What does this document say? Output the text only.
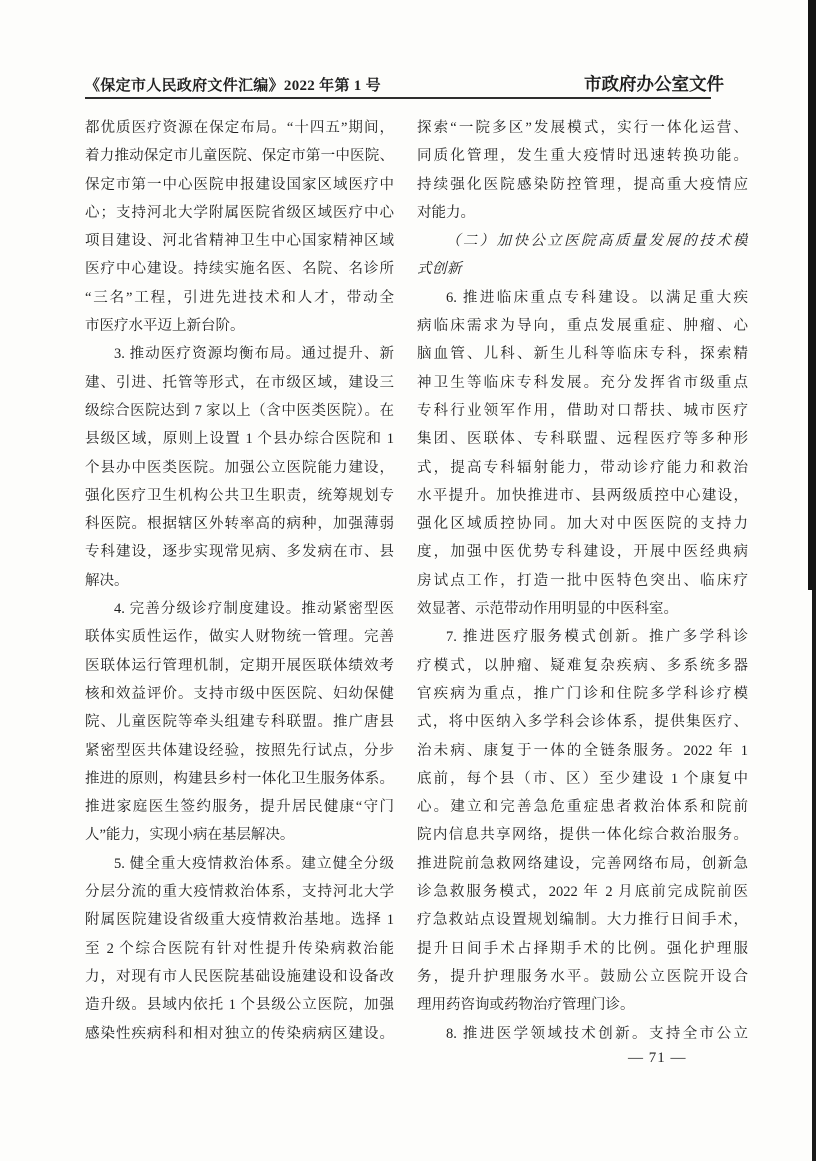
《保定市人民政府文件汇编》2022 年第 1 号	市政府办公室文件
都优质医疗资源在保定布局。“十四五”期间，
着力推动保定市儿童医院、保定市第一中医院、
保定市第一中心医院申报建设国家区域医疗中
心；支持河北大学附属医院省级区域医疗中心
项目建设、河北省精神卫生中心国家精神区域
医疗中心建设。持续实施名医、名院、名诊所
“三名”工程，引进先进技术和人才，带动全
市医疗水平迈上新台阶。
3. 推动医疗资源均衡布局。通过提升、新
建、引进、托管等形式，在市级区域，建设三
级综合医院达到 7 家以上（含中医类医院）。在
县级区域，原则上设置 1 个县办综合医院和 1
个县办中医类医院。加强公立医院能力建设，
强化医疗卫生机构公共卫生职责，统筹规划专
科医院。根据辖区外转率高的病种，加强薄弱
专科建设，逐步实现常见病、多发病在市、县
解决。
4. 完善分级诊疗制度建设。推动紧密型医
联体实质性运作，做实人财物统一管理。完善
医联体运行管理机制，定期开展医联体绩效考
核和效益评价。支持市级中医医院、妇幼保健
院、儿童医院等牵头组建专科联盟。推广唐县
紧密型医共体建设经验，按照先行试点，分步
推进的原则，构建县乡村一体化卫生服务体系。
推进家庭医生签约服务，提升居民健康“守门
人”能力，实现小病在基层解决。
5. 健全重大疫情救治体系。建立健全分级
分层分流的重大疫情救治体系，支持河北大学
附属医院建设省级重大疫情救治基地。选择 1
至 2 个综合医院有针对性提升传染病救治能
力，对现有市人民医院基础设施建设和设备改
造升级。县域内依托 1 个县级公立医院，加强
感染性疾病科和相对独立的传染病病区建设。
探索“一院多区”发展模式，实行一体化运营、
同质化管理，发生重大疫情时迅速转换功能。
持续强化医院感染防控管理，提高重大疫情应
对能力。
（二）加快公立医院高质量发展的技术模
式创新
6. 推进临床重点专科建设。以满足重大疾
病临床需求为导向，重点发展重症、肿瘤、心
脑血管、儿科、新生儿科等临床专科，探索精
神卫生等临床专科发展。充分发挥省市级重点
专科行业领军作用，借助对口帮扶、城市医疗
集团、医联体、专科联盟、远程医疗等多种形
式，提高专科辐射能力，带动诊疗能力和救治
水平提升。加快推进市、县两级质控中心建设，
强化区域质控协同。加大对中医医院的支持力
度，加强中医优势专科建设，开展中医经典病
房试点工作，打造一批中医特色突出、临床疗
效显著、示范带动作用明显的中医科室。
7. 推进医疗服务模式创新。推广多学科诊
疗模式，以肿瘤、疑难复杂疾病、多系统多器
官疾病为重点，推广门诊和住院多学科诊疗模
式，将中医纳入多学科会诊体系，提供集医疗、
治未病、康复于一体的全链条服务。2022 年 1
底前，每个县（市、区）至少建设 1 个康复中
心。建立和完善急危重症患者救治体系和院前
院内信息共享网络，提供一体化综合救治服务。
推进院前急救网络建设，完善网络布局，创新急
诊急救服务模式，2022 年 2 月底前完成院前医
疗急救站点设置规划编制。大力推行日间手术，
提升日间手术占择期手术的比例。强化护理服
务，提升护理服务水平。鼓励公立医院开设合
理用药咨询或药物治疗管理门诊。
8. 推进医学领域技术创新。支持全市公立
— 71 —
